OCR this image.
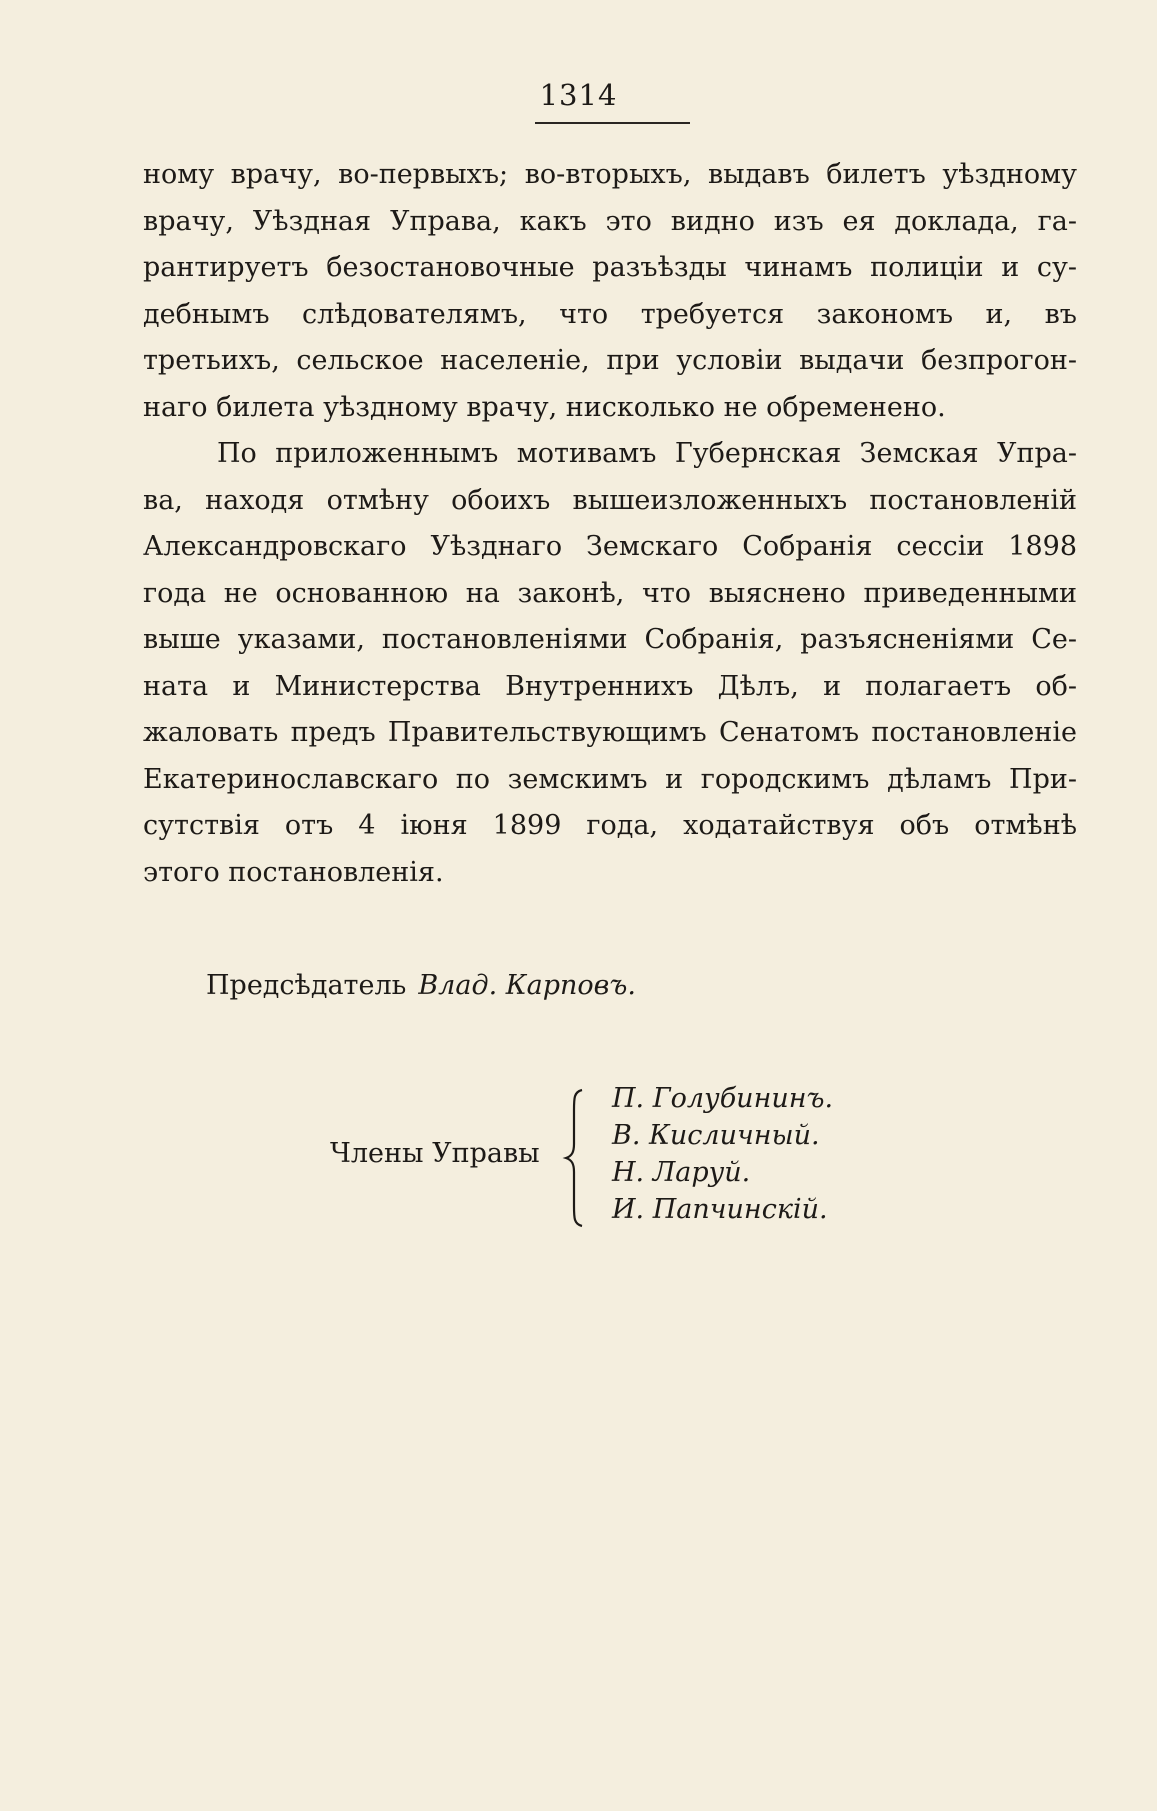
1314

ному врачу, во-первыхъ; во-вторыхъ, выдавъ билетъ уѣздному
врачу, Уѣздная Управа, какъ это видно изъ ея доклада, га-
рантируетъ безостановочные разъѣзды чинамъ полиціи и су-
дебнымъ слѣдователямъ, что требуется закономъ и, въ
третьихъ, сельское населеніе, при условіи выдачи безпрогон-
наго билета уѣздному врачу, нисколько не обременено.

По приложеннымъ мотивамъ Губернская Земская Упра-
ва, находя отмѣну обоихъ вышеизложенныхъ постановленій
Александровскаго Уѣзднаго Земскаго Собранія сессіи 1898
года не основанною на законѣ, что выяснено приведенными
выше указами, постановленіями Собранія, разъясненіями Се-
ната и Министерства Внутреннихъ Дѣлъ, и полагаетъ об-
жаловать предъ Правительствующимъ Сенатомъ постановленіе
Екатеринославскаго по земскимъ и городскимъ дѣламъ При-
сутствія отъ 4 іюня 1899 года, ходатайствуя объ отмѣнѣ
этого постановленія.

Предсѣдатель Влад. Карповъ.
Члены Управы
П. Голубининъ.
В. Кисличный.
Н. Ларуй.
И. Папчинскій.
